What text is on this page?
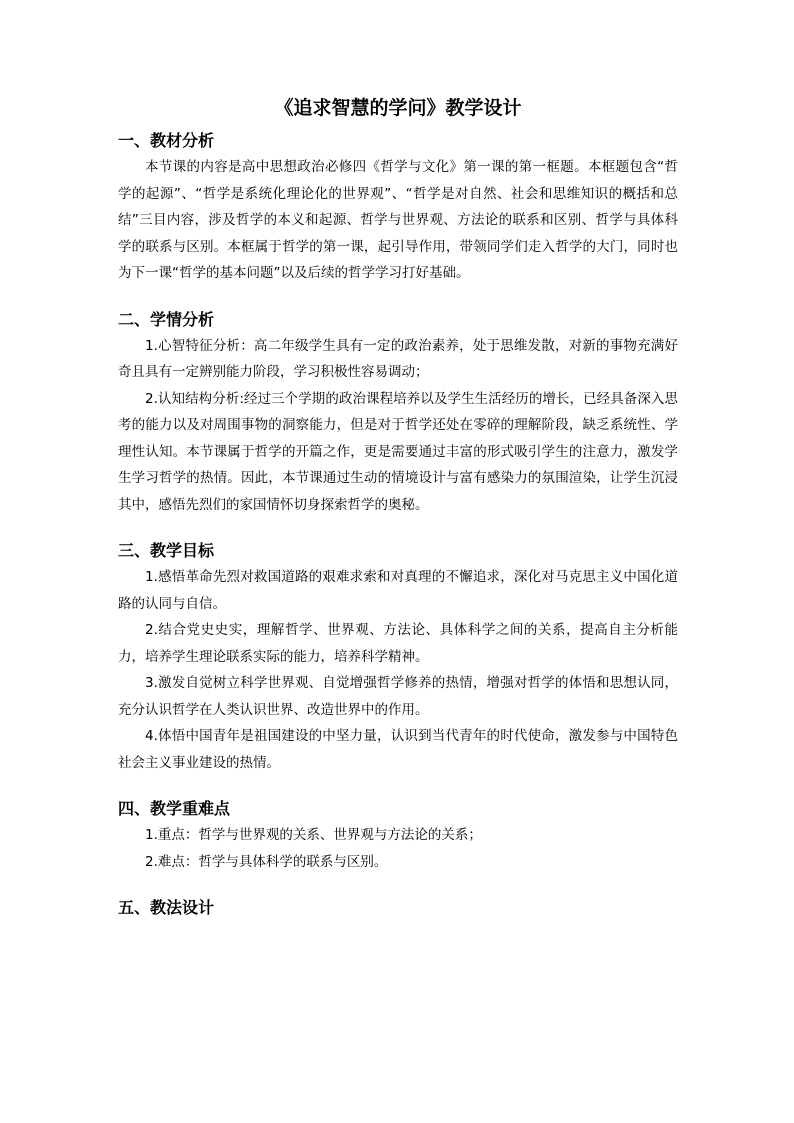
《追求智慧的学问》教学设计
一、教材分析

本节课的内容是高中思想政治必修四《哲学与文化》第一课的第一框题。本框题包含“哲学的起源”、“哲学是系统化理论化的世界观”、“哲学是对自然、社会和思维知识的概括和总结”三目内容，涉及哲学的本义和起源、哲学与世界观、方法论的联系和区别、哲学与具体科学的联系与区别。本框属于哲学的第一课，起引导作用，带领同学们走入哲学的大门，同时也为下一课“哲学的基本问题”以及后续的哲学学习打好基础。

二、学情分析

1.心智特征分析：高二年级学生具有一定的政治素养，处于思维发散，对新的事物充满好奇且具有一定辨别能力阶段，学习积极性容易调动；

2.认知结构分析:经过三个学期的政治课程培养以及学生生活经历的增长，已经具备深入思考的能力以及对周围事物的洞察能力，但是对于哲学还处在零碎的理解阶段，缺乏系统性、学理性认知。本节课属于哲学的开篇之作，更是需要通过丰富的形式吸引学生的注意力，激发学生学习哲学的热情。因此，本节课通过生动的情境设计与富有感染力的氛围渲染，让学生沉浸其中，感悟先烈们的家国情怀切身探索哲学的奥秘。

三、教学目标

1.感悟革命先烈对救国道路的艰难求索和对真理的不懈追求，深化对马克思主义中国化道路的认同与自信。

2.结合党史史实，理解哲学、世界观、方法论、具体科学之间的关系，提高自主分析能力，培养学生理论联系实际的能力，培养科学精神。

3.激发自觉树立科学世界观、自觉增强哲学修养的热情，增强对哲学的体悟和思想认同，充分认识哲学在人类认识世界、改造世界中的作用。

4.体悟中国青年是祖国建设的中坚力量，认识到当代青年的时代使命，激发参与中国特色社会主义事业建设的热情。

四、教学重难点

1.重点：哲学与世界观的关系、世界观与方法论的关系；

2.难点：哲学与具体科学的联系与区别。

五、教法设计
